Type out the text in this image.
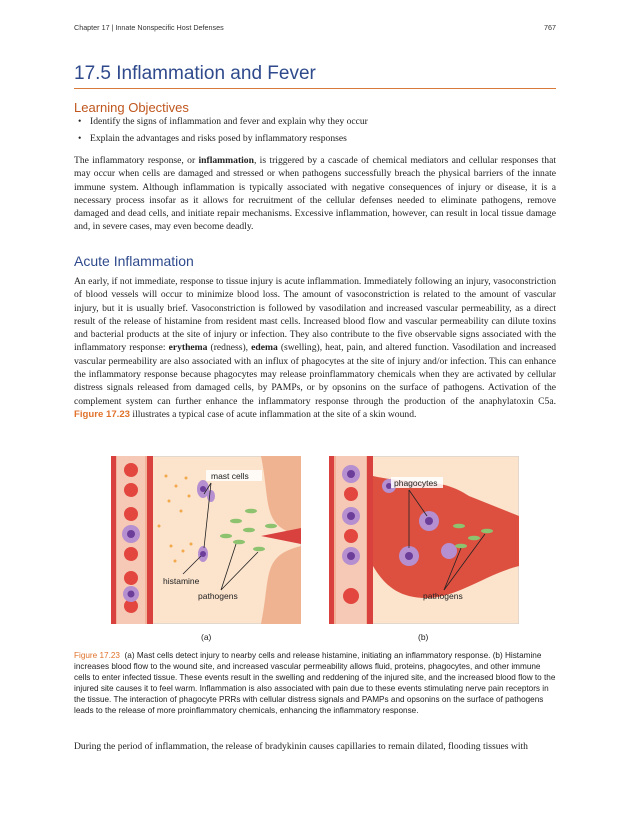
Chapter 17 | Innate Nonspecific Host Defenses	767
17.5 Inflammation and Fever
Learning Objectives
• Identify the signs of inflammation and fever and explain why they occur
• Explain the advantages and risks posed by inflammatory responses

The inflammatory response, or inflammation, is triggered by a cascade of chemical mediators and cellular responses that may occur when cells are damaged and stressed or when pathogens successfully breach the physical barriers of the innate immune system. Although inflammation is typically associated with negative consequences of injury or disease, it is a necessary process insofar as it allows for recruitment of the cellular defenses needed to eliminate pathogens, remove damaged and dead cells, and initiate repair mechanisms. Excessive inflammation, however, can result in local tissue damage and, in severe cases, may even become deadly.

Acute Inflammation

An early, if not immediate, response to tissue injury is acute inflammation. Immediately following an injury, vasoconstriction of blood vessels will occur to minimize blood loss. The amount of vasoconstriction is related to the amount of vascular injury, but it is usually brief. Vasoconstriction is followed by vasodilation and increased vascular permeability, as a direct result of the release of histamine from resident mast cells. Increased blood flow and vascular permeability can dilute toxins and bacterial products at the site of injury or infection. They also contribute to the five observable signs associated with the inflammatory response: erythema (redness), edema (swelling), heat, pain, and altered function. Vasodilation and increased vascular permeability are also associated with an influx of phagocytes at the site of injury and/or infection. This can enhance the inflammatory response because phagocytes may release proinflammatory chemicals when they are activated by cellular distress signals released from damaged cells, by PAMPs, or by opsonins on the surface of pathogens. Activation of the complement system can further enhance the inflammatory response through the production of the anaphylatoxin C5a. Figure 17.23 illustrates a typical case of acute inflammation at the site of a skin wound.

mast cells
histamine
pathogens
phagocytes
pathogens
(a)	(b)
Figure 17.23 (a) Mast cells detect injury to nearby cells and release histamine, initiating an inflammatory response. (b) Histamine increases blood flow to the wound site, and increased vascular permeability allows fluid, proteins, phagocytes, and other immune cells to enter infected tissue. These events result in the swelling and reddening of the injured site, and the increased blood flow to the injured site causes it to feel warm. Inflammation is also associated with pain due to these events stimulating nerve pain receptors in the tissue. The interaction of phagocyte PRRs with cellular distress signals and PAMPs and opsonins on the surface of pathogens leads to the release of more proinflammatory chemicals, enhancing the inflammatory response.

During the period of inflammation, the release of bradykinin causes capillaries to remain dilated, flooding tissues with
